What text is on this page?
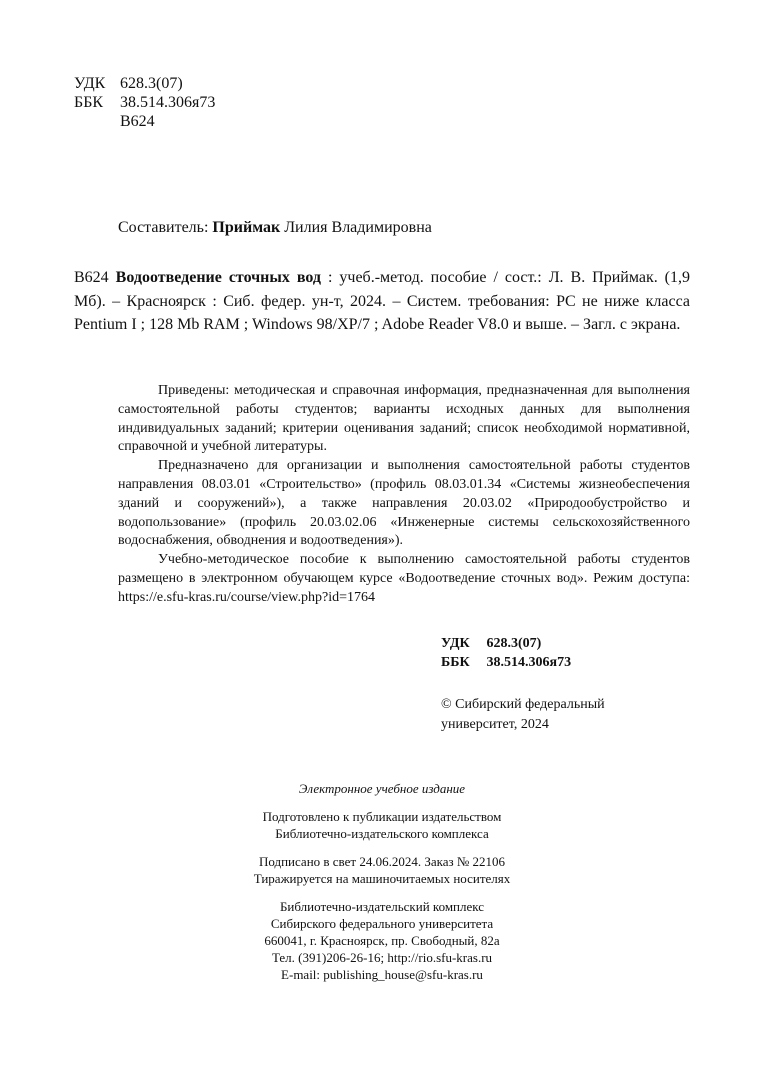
УДК 628.3(07)
ББК	38.514.306я73
В624
Составитель: Приймак Лилия Владимировна
В624 Водоотведение сточных вод : учеб.-метод. пособие / сост.: Л. В. Приймак. (1,9 Мб). – Красноярск : Сиб. федер. ун-т, 2024. – Систем. требования: PC не ниже класса Pentium I ; 128 Mb RAM ; Windows 98/XP/7 ; Adobe Reader V8.0 и выше. – Загл. с экрана.

Приведены: методическая и справочная информация, предназначенная для выполнения самостоятельной работы студентов; варианты исходных данных для выполнения индивидуальных заданий; критерии оценивания заданий; список необходимой нормативной, справочной и учебной литературы.

Предназначено для организации и выполнения самостоятельной работы студентов направления 08.03.01 «Строительство» (профиль 08.03.01.34 «Системы жизнеобеспечения зданий и сооружений»), а также направления 20.03.02 «Природообустройство и водопользование» (профиль 20.03.02.06 «Инженерные системы сельскохозяйственного водоснабжения, обводнения и водоотведения»).

Учебно-методическое пособие к выполнению самостоятельной работы студентов размещено в электронном обучающем курсе «Водоотведение сточных вод». Режим доступа: https://e.sfu-kras.ru/course/view.php?id=1764

УДК 628.3(07)
ББК 38.514.306я73
© Сибирский федеральный
университет, 2024
Электронное учебное издание
Подготовлено к публикации издательством
Библиотечно-издательского комплекса
Подписано в свет 24.06.2024. Заказ № 22106
Тиражируется на машиночитаемых носителях
Библиотечно-издательский комплекс
Сибирского федерального университета
660041, г. Красноярск, пр. Свободный, 82а
Тел. (391)206-26-16; http://rio.sfu-kras.ru
E-mail: publishing_house@sfu-kras.ru
